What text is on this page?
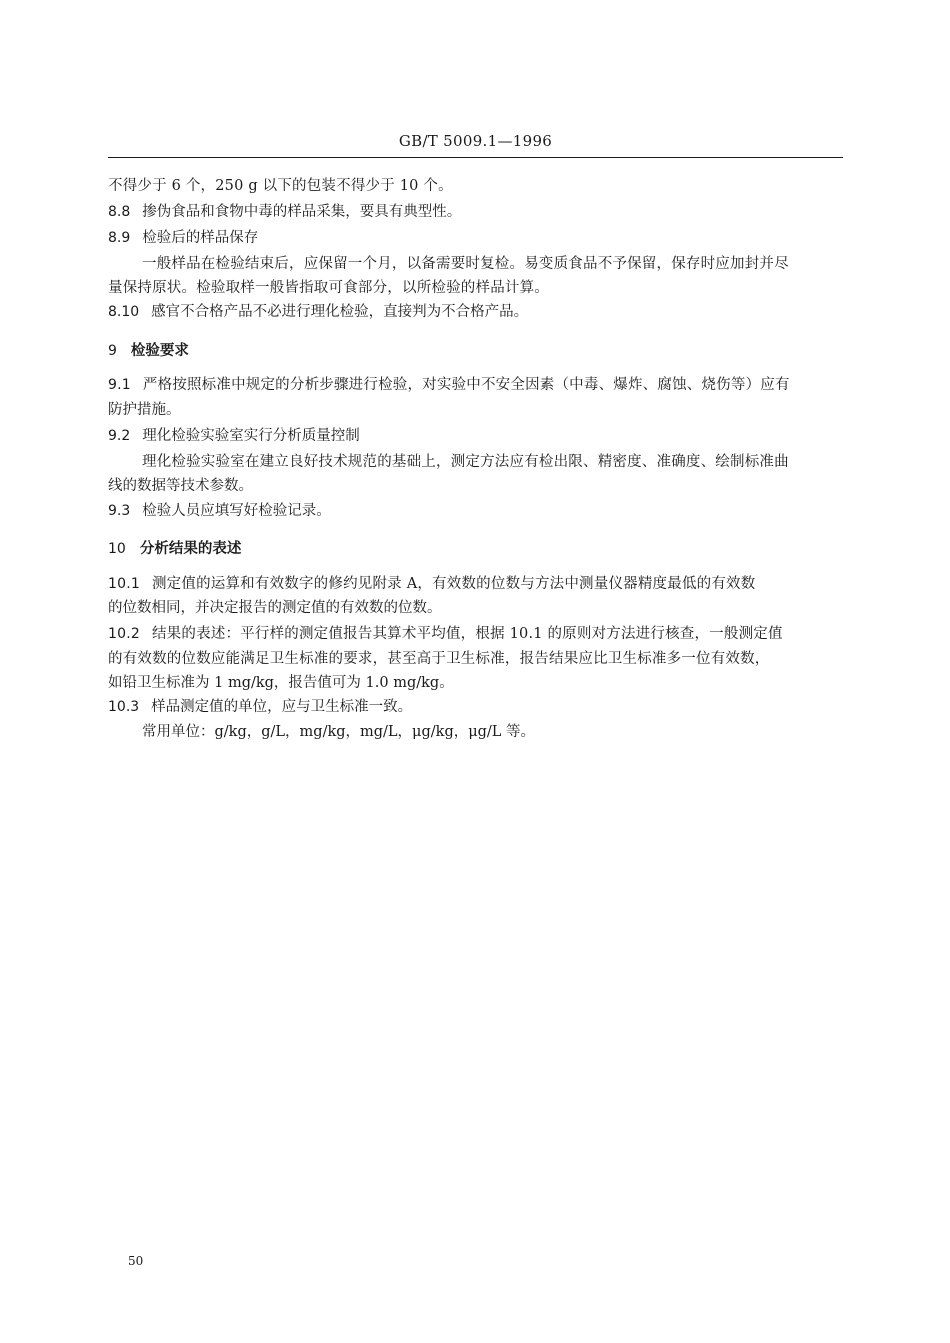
GB/T 5009.1—1996
不得少于 6 个，250 g 以下的包装不得少于 10 个。
8.8 掺伪食品和食物中毒的样品采集，要具有典型性。
8.9 检验后的样品保存
一般样品在检验结束后，应保留一个月，以备需要时复检。易变质食品不予保留，保存时应加封并尽
量保持原状。检验取样一般皆指取可食部分，以所检验的样品计算。
8.10 感官不合格产品不必进行理化检验，直接判为不合格产品。
9 检验要求
9.1 严格按照标准中规定的分析步骤进行检验，对实验中不安全因素（中毒、爆炸、腐蚀、烧伤等）应有
防护措施。
9.2 理化检验实验室实行分析质量控制
理化检验实验室在建立良好技术规范的基础上，测定方法应有检出限、精密度、准确度、绘制标准曲
线的数据等技术参数。
9.3 检验人员应填写好检验记录。
10 分析结果的表述
10.1 测定值的运算和有效数字的修约见附录 A，有效数的位数与方法中测量仪器精度最低的有效数
的位数相同，并决定报告的测定值的有效数的位数。
10.2 结果的表述：平行样的测定值报告其算术平均值，根据 10.1 的原则对方法进行核查，一般测定值
的有效数的位数应能满足卫生标准的要求，甚至高于卫生标准，报告结果应比卫生标准多一位有效数，
如铅卫生标准为 1 mg/kg，报告值可为 1.0 mg/kg。
10.3 样品测定值的单位，应与卫生标准一致。
常用单位：g/kg，g/L，mg/kg，mg/L，μg/kg，μg/L 等。
50
